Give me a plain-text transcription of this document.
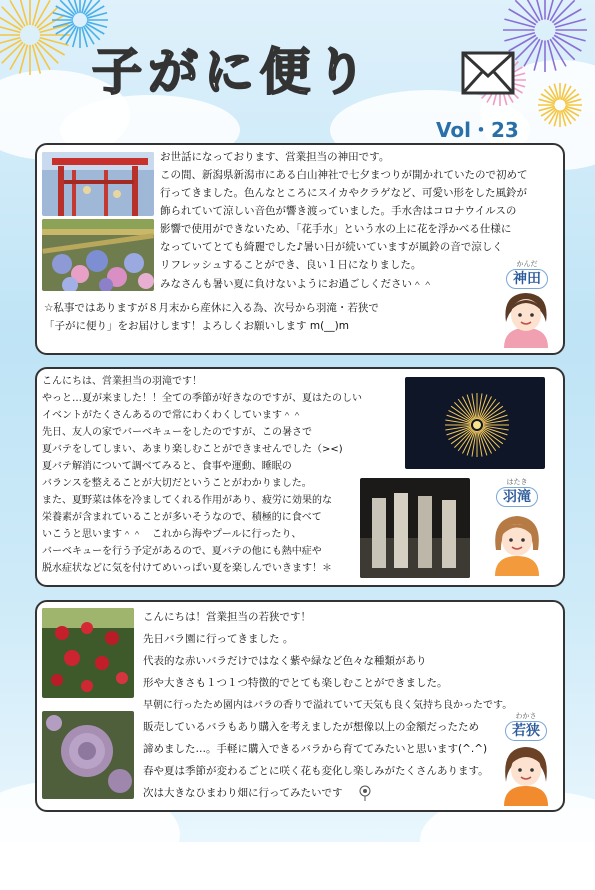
子がに便り
Vol・23
お世話になっております、営業担当の神田です。
この間、新潟県新潟市にある白山神社で七夕まつりが開かれていたので初めて
行ってきました。色んなところにスイカやクラゲなど、可愛い形をした風鈴が
飾られていて涼しい音色が響き渡っていました。手水舎はコロナウイルスの
影響で使用ができないため、「花手水」という水の上に花を浮かべる仕様に
なっていてとても綺麗でした♪暑い日が続いていますが風鈴の音で涼しく
リフレッシュすることができ、良い１日になりました。
みなさんも暑い夏に負けないようにお過ごしください＾＾
☆私事ではありますが８月末から産休に入る為、次号から羽滝・若狭で
「子がに便り」をお届けします！よろしくお願いします m(__)m
かんだ
神田
こんにちは、営業担当の羽滝です！
やっと…夏が来ました！！全ての季節が好きなのですが、夏はたのしい
イベントがたくさんあるので常にわくわくしています＾＾
先日、友人の家でバーベキューをしたのですが、この暑さで
夏バテをしてしまい、あまり楽しむことができませんでした（><)
夏バテ解消について調べてみると、食事や運動、睡眠の
バランスを整えることが大切だということがわかりました。
また、夏野菜は体を冷ましてくれる作用があり、疲労に効果的な
栄養素が含まれていることが多いそうなので、積極的に食べて
いこうと思います＾＾　これから海やプールに行ったり、
バーベキューを行う予定があるので、夏バテの他にも熱中症や
脱水症状などに気を付けてめいっぱい夏を楽しんでいきます！＊
はたき
羽滝
こんにちは！営業担当の若狭です！
先日バラ園に行ってきました 。
代表的な赤いバラだけではなく紫や緑など色々な種類があり
形や大きさも１つ１つ特徴的でとても楽しむことができました。
早朝に行ったため園内はバラの香りで溢れていて天気も良く気持ち良かったです。
販売しているバラもあり購入を考えましたが想像以上の金額だったため
諦めました…。手軽に購入できるバラから育ててみたいと思います(^.^)
春や夏は季節が変わるごとに咲く花も変化し楽しみがたくさんあります。
次は大きなひまわり畑に行ってみたいです
わかさ
若狭
